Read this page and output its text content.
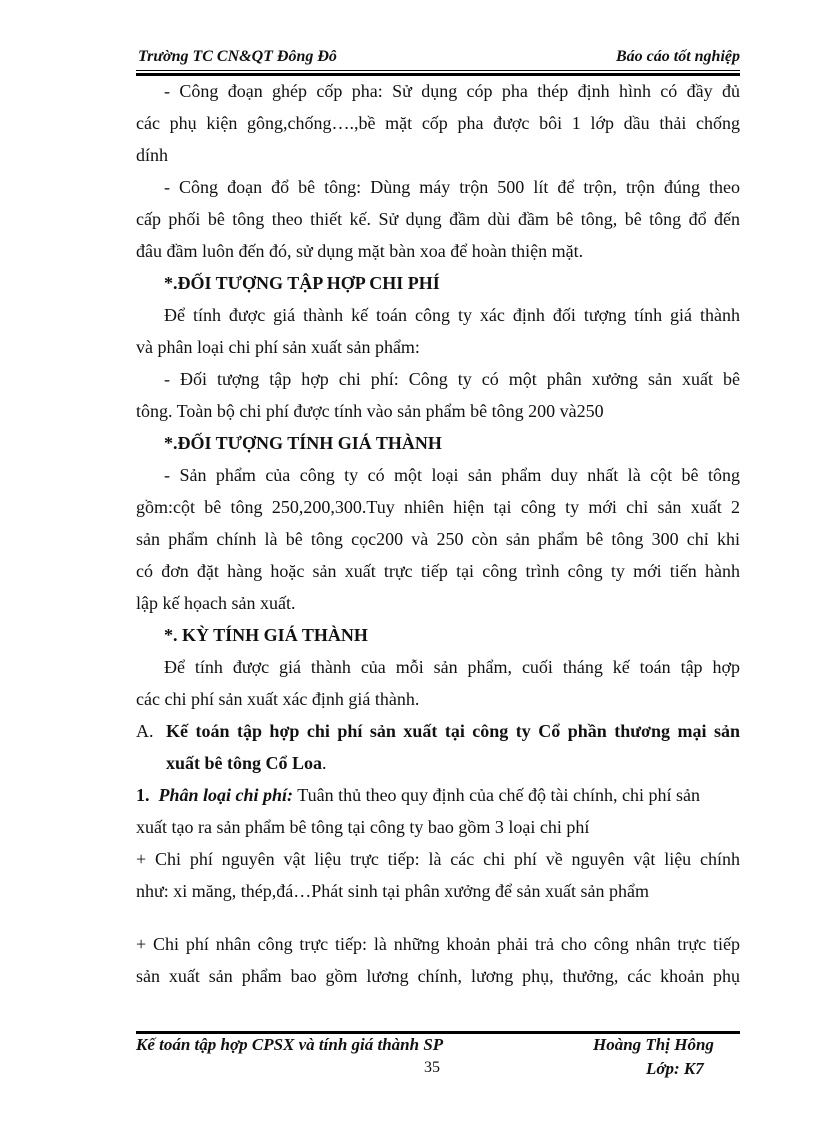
Trường TC CN&QT Đông Đô	Báo cáo tốt nghiệp
- Công đoạn ghép cốp pha: Sử dụng cóp pha thép định hình có đầy đủ
các phụ kiện gông,chống….,bề mặt cốp pha được bôi 1 lớp dầu thải chống
dính
- Công đoạn đổ bê tông: Dùng máy trộn 500 lít để trộn, trộn đúng theo
cấp phối bê tông theo thiết kế. Sử dụng đầm dùi đầm bê tông, bê tông đổ đến
đâu đầm luôn đến đó, sử dụng mặt bàn xoa để hoàn thiện mặt.
*.ĐỐI TƯỢNG TẬP HỢP CHI PHÍ
Để tính được giá thành kế toán công ty xác định đối tượng tính giá thành
và phân loại chi phí sản xuất sản phẩm:
- Đối tượng tập hợp chi phí: Công ty có một phân xưởng sản xuất bê
tông. Toàn bộ chi phí được tính vào sản phẩm bê tông 200 và250
*.ĐỐI TƯỢNG TÍNH GIÁ THÀNH
- Sản phẩm của công ty có một loại sản phẩm duy nhất là cột bê tông
gồm:cột bê tông 250,200,300.Tuy nhiên hiện tại công ty mới chỉ sản xuất 2
sản phẩm chính là bê tông cọc200 và 250 còn sản phẩm bê tông 300 chỉ khi
có đơn đặt hàng hoặc sản xuất trực tiếp tại công trình công ty mới tiến hành
lập kế họach sản xuất.
*. KỲ TÍNH GIÁ THÀNH
Để tính được giá thành của mỗi sản phẩm, cuối tháng kế toán tập hợp
các chi phí sản xuất xác định giá thành.
A. Kế toán tập hợp chi phí sản xuất tại công ty Cổ phần thương mại sản
xuất bê tông Cổ Loa.
1. Phân loại chi phí: Tuân thủ theo quy định của chế độ tài chính, chi phí sản
xuất tạo ra sản phẩm bê tông tại công ty bao gồm 3 loại chi phí
+ Chi phí nguyên vật liệu trực tiếp: là các chi phí về nguyên vật liệu chính
như: xi măng, thép,đá…Phát sinh tại phân xưởng để sản xuất sản phẩm
+ Chi phí nhân công trực tiếp: là những khoản phải trả cho công nhân trực tiếp
sản xuất sản phẩm bao gồm lương chính, lương phụ, thưởng, các khoản phụ
Kế toán tập hợp CPSX và tính giá thành SP	Hoàng Thị Hông
35	Lớp: K7
